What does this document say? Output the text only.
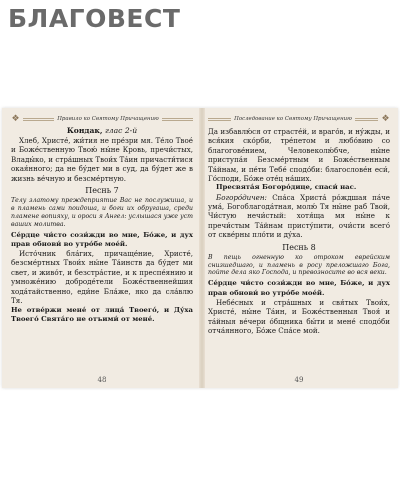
БЛАГОВЕСТ
❖	Правило ко Святому Причащению

Кондак, глас 2-й

Хлеб, Христе́, жи́тия не пре́зри мя. Те́ло Твое́ и Боже́ственную Твою́ ны́не Кровь, пречи́стых, Влады́ко, и стра́шных Твои́х Та́ин причасти́тися окая́нного; да не бу́дет ми в суд, да бу́дет же в жизнь ве́чную и безсме́ртную.

Песнь 7

Телу златому преждеприятие Вас не послужиша, и в пламень сами поидоша, и боги их обругаша, среди пламене вопияху, и ороси я Ангел: услышася уже уст ваших молитва.

Се́рдце чи́сто сози́жди во мне, Бо́же, и дух прав обнови́ во утро́бе мое́й.

Исто́чник бла́гих, причаще́ние, Христе́, безсме́ртных Твои́х ны́не Та́инств да бу́дет ми свет, и живо́т, и безстра́стие, и к преспе́янию и умноже́нию доброде́тели Боже́ственнейшия хода́тайственно, еди́не Бла́же, яко да сла́влю Тя.

Не отве́ржи мене́ от лица́ Твоего́, и Ду́ха Твоего́ Свята́го не отъими́ от мене́.

48
Последование ко Святому Причащению	❖

Да избавлю́ся от страсте́й, и враго́в, и ну́жды, и вся́кия ско́рби, тре́петом и любо́вию со благогове́нием, Человеколю́бче, ны́не приступа́я Безсме́ртным и Боже́ственным Та́йнам, и пе́ти Тебе́ сподо́би: благослове́н еси́, Го́споди, Бо́же оте́ц на́ших.

Пресвята́я Богоро́дице, спаси́ нас.

Богоро́дичен: Спа́са Христа́ ро́ждшая па́че ума́, Богоблагода́тная, молю́ Тя ны́не раб Твой, Чи́стую нечи́стый: хотя́ща мя ны́не к пречи́стым Та́йнам присту́пити, очи́сти всего́ от скве́рны пло́ти и ду́ха.

Песнь 8

В пещь огненную ко отроком еврейским снизшедшаго, и пламень в росу преложшаго Бога, пойте дела яко Господа, и превозносите во вся веки.

Се́рдце чи́сто сози́жди во мне, Бо́же, и дух прав обнови́ во утро́бе мое́й.

Небе́сных и стра́шных и свя́тых Твои́х, Христе́, ны́не Та́ин, и Боже́ственныя Твоя́ и та́йныя ве́чери о́бщника бы́ти и мене́ сподо́би отча́янного, Бо́же Спа́се мой.

49
